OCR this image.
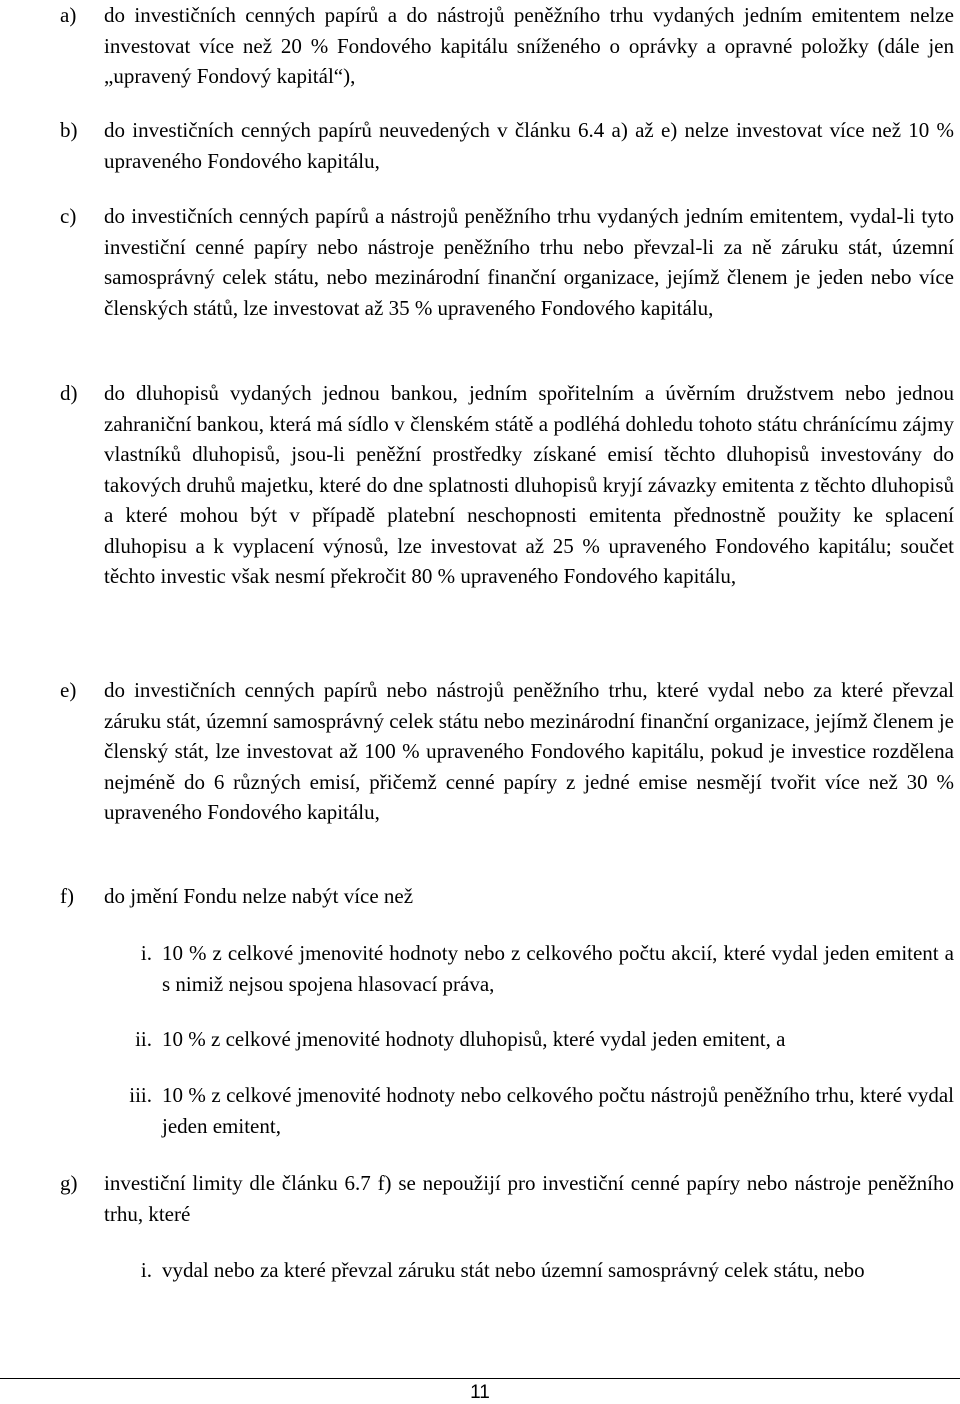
a)	do investičních cenných papírů a do nástrojů peněžního trhu vydaných jedním emitentem nelze investovat více než 20 % Fondového kapitálu sníženého o oprávky a opravné položky (dále jen „upravený Fondový kapitál“),
b)	do investičních cenných papírů neuvedených v článku 6.4 a) až e) nelze investovat více než 10 % upraveného Fondového kapitálu,
c)	do investičních cenných papírů a nástrojů peněžního trhu vydaných jedním emitentem, vydal-li tyto investiční cenné papíry nebo nástroje peněžního trhu nebo převzal-li za ně záruku stát, územní samosprávný celek státu, nebo mezinárodní finanční organizace, jejímž členem je jeden nebo více členských států, lze investovat až 35 % upraveného Fondového kapitálu,
d)	do dluhopisů vydaných jednou bankou, jedním spořitelním a úvěrním družstvem nebo jednou zahraniční bankou, která má sídlo v členském státě a podléhá dohledu tohoto státu chránícímu zájmy vlastníků dluhopisů, jsou-li peněžní prostředky získané emisí těchto dluhopisů investovány do takových druhů majetku, které do dne splatnosti dluhopisů kryjí závazky emitenta z těchto dluhopisů a které mohou být v případě platební neschopnosti emitenta přednostně použity ke splacení dluhopisu a k vyplacení výnosů, lze investovat až 25 % upraveného Fondového kapitálu; součet těchto investic však nesmí překročit 80 % upraveného Fondového kapitálu,
e)	do investičních cenných papírů nebo nástrojů peněžního trhu, které vydal nebo za které převzal záruku stát, územní samosprávný celek státu nebo mezinárodní finanční organizace, jejímž členem je členský stát, lze investovat až 100 % upraveného Fondového kapitálu, pokud je investice rozdělena nejméně do 6 různých emisí, přičemž cenné papíry z jedné emise nesmějí tvořit více než 30 % upraveného Fondového kapitálu,
f)	do jmění Fondu nelze nabýt více než
i. 10 % z celkové jmenovité hodnoty nebo z celkového počtu akcií, které vydal jeden emitent a s nimiž nejsou spojena hlasovací práva,
ii. 10 % z celkové jmenovité hodnoty dluhopisů, které vydal jeden emitent, a
iii. 10 % z celkové jmenovité hodnoty nebo celkového počtu nástrojů peněžního trhu, které vydal jeden emitent,
g)	investiční limity dle článku 6.7 f) se nepoužijí pro investiční cenné papíry nebo nástroje peněžního trhu, které
i. vydal nebo za které převzal záruku stát nebo územní samosprávný celek státu, nebo
11
